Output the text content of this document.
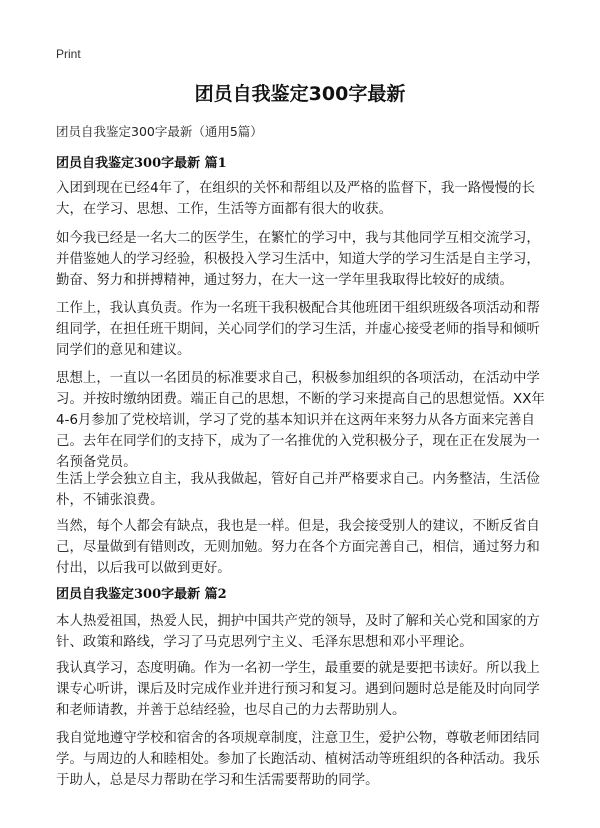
Print
团员自我鉴定300字最新

团员自我鉴定300字最新（通用5篇）

团员自我鉴定300字最新 篇1

入团到现在已经4年了，在组织的关怀和帮组以及严格的监督下，我一路慢慢的长大，在学习、思想、工作，生活等方面都有很大的收获。

如今我已经是一名大二的医学生，在繁忙的学习中，我与其他同学互相交流学习，并借鉴她人的学习经验，积极投入学习生活中，知道大学的学习生活是自主学习，勤奋、努力和拼搏精神，通过努力，在大一这一学年里我取得比较好的成绩。

工作上，我认真负责。作为一名班干我积极配合其他班团干组织班级各项活动和帮组同学，在担任班干期间，关心同学们的学习生活，并虚心接受老师的指导和倾听同学们的意见和建议。

思想上，一直以一名团员的标准要求自己，积极参加组织的各项活动，在活动中学习。并按时缴纳团费。端正自己的思想，不断的学习来提高自己的思想觉悟。XX年4-6月参加了党校培训，学习了党的基本知识并在这两年来努力从各方面来完善自己。去年在同学们的支持下，成为了一名推优的入党积极分子，现在正在发展为一名预备党员。

生活上学会独立自主，我从我做起，管好自己并严格要求自己。内务整洁，生活俭朴，不铺张浪费。

当然，每个人都会有缺点，我也是一样。但是，我会接受别人的建议，不断反省自己，尽量做到有错则改，无则加勉。努力在各个方面完善自己，相信，通过努力和付出，以后我可以做到更好。

团员自我鉴定300字最新 篇2

本人热爱祖国，热爱人民，拥护中国共产党的领导，及时了解和关心党和国家的方针、政策和路线，学习了马克思列宁主义、毛泽东思想和邓小平理论。

我认真学习，态度明确。作为一名初一学生，最重要的就是要把书读好。所以我上课专心听讲，课后及时完成作业并进行预习和复习。遇到问题时总是能及时向同学和老师请教，并善于总结经验，也尽自己的力去帮助别人。

我自觉地遵守学校和宿舍的各项规章制度，注意卫生，爱护公物，尊敬老师团结同学。与周边的人和睦相处。参加了长跑活动、植树活动等班组织的各种活动。我乐于助人，总是尽力帮助在学习和生活需要帮助的同学。
